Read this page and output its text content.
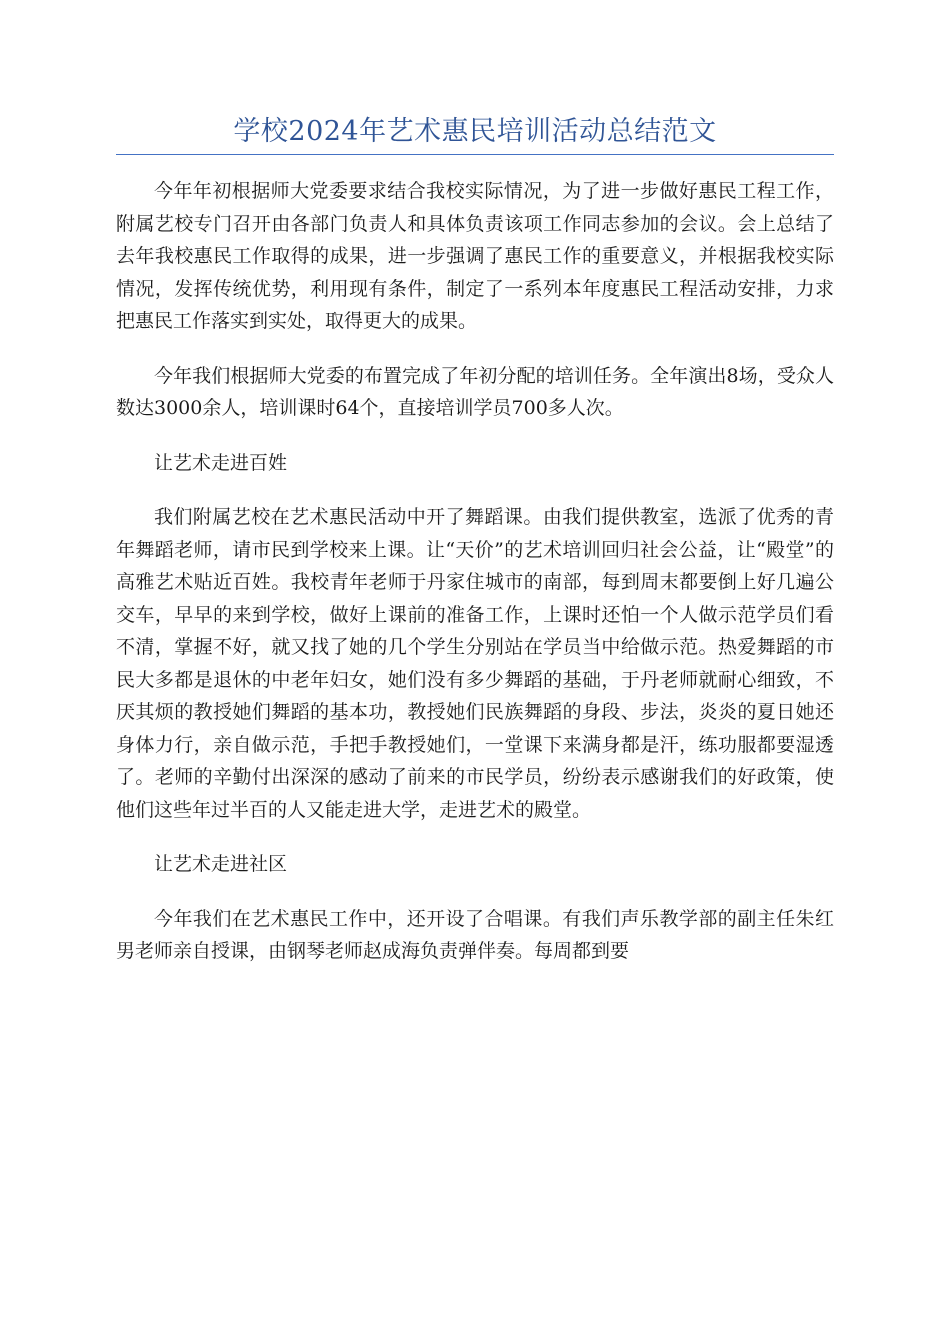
学校2024年艺术惠民培训活动总结范文

今年年初根据师大党委要求结合我校实际情况，为了进一步做好惠民工程工作，附属艺校专门召开由各部门负责人和具体负责该项工作同志参加的会议。会上总结了去年我校惠民工作取得的成果，进一步强调了惠民工作的重要意义，并根据我校实际情况，发挥传统优势，利用现有条件，制定了一系列本年度惠民工程活动安排，力求把惠民工作落实到实处，取得更大的成果。

今年我们根据师大党委的布置完成了年初分配的培训任务。全年演出8场，受众人数达3000余人，培训课时64个，直接培训学员700多人次。

让艺术走进百姓

我们附属艺校在艺术惠民活动中开了舞蹈课。由我们提供教室，选派了优秀的青年舞蹈老师，请市民到学校来上课。让“天价”的艺术培训回归社会公益，让“殿堂”的高雅艺术贴近百姓。我校青年老师于丹家住城市的南部，每到周末都要倒上好几遍公交车，早早的来到学校，做好上课前的准备工作，上课时还怕一个人做示范学员们看不清，掌握不好，就又找了她的几个学生分别站在学员当中给做示范。热爱舞蹈的市民大多都是退休的中老年妇女，她们没有多少舞蹈的基础，于丹老师就耐心细致，不厌其烦的教授她们舞蹈的基本功，教授她们民族舞蹈的身段、步法，炎炎的夏日她还身体力行，亲自做示范，手把手教授她们，一堂课下来满身都是汗，练功服都要湿透了。老师的辛勤付出深深的感动了前来的市民学员，纷纷表示感谢我们的好政策，使他们这些年过半百的人又能走进大学，走进艺术的殿堂。

让艺术走进社区

今年我们在艺术惠民工作中，还开设了合唱课。有我们声乐教学部的副主任朱红男老师亲自授课，由钢琴老师赵成海负责弹伴奏。每周都到要
